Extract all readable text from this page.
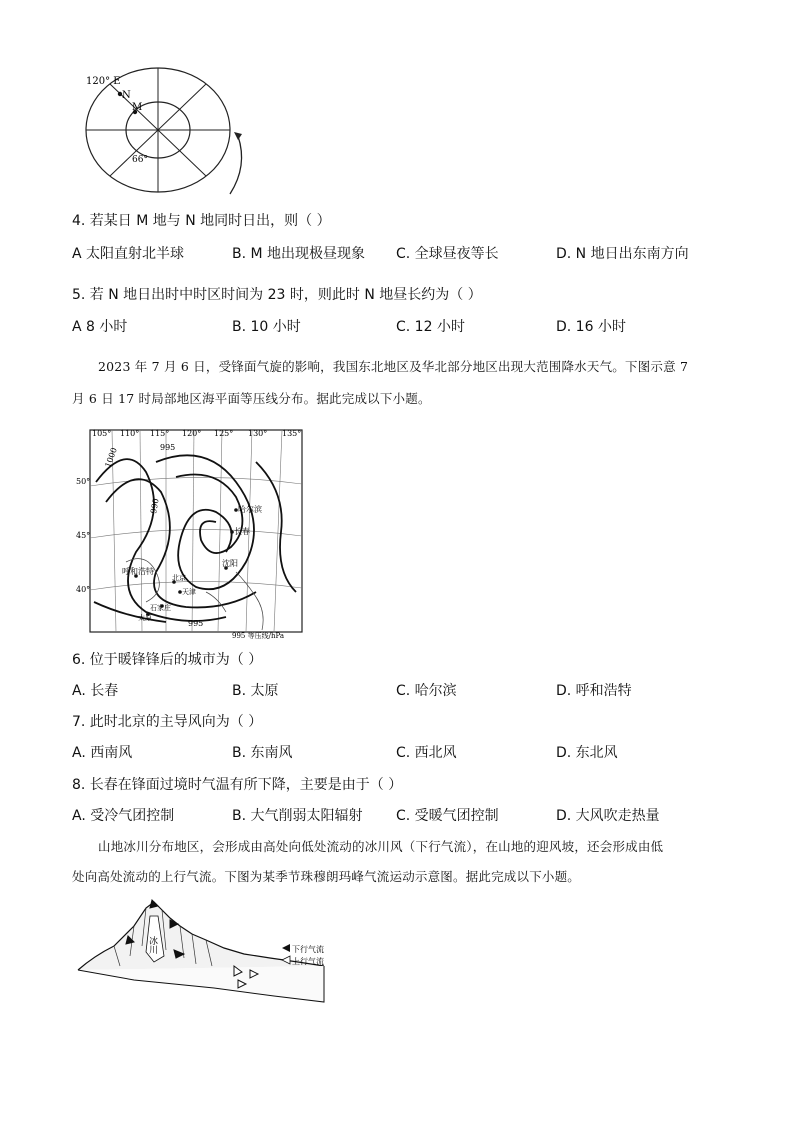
120° E
N
M
66°
4. 若某日 M 地与 N 地同时日出，则（ ）
A 太阳直射北半球	B. M 地出现极昼现象 C. 全球昼夜等长	D. N 地日出东南方向
5. 若 N 地日出时中时区时间为 23 时，则此时 N 地昼长约为（ ）
A 8 小时	B. 10 小时	C. 12 小时	D. 16 小时
2023 年 7 月 6 日，受锋面气旋的影响，我国东北地区及华北部分地区出现大范围降水天气。下图示意 7
月 6 日 17 时局部地区海平面等压线分布。据此完成以下小题。
105° 110° 115° 120° 125° 130° 135°
50°
45°
40°
1000	995
990
995
哈尔滨
长春
沈阳
呼和浩特
北京
天津
石家庄
太原
995 等压线/hPa
6. 位于暖锋锋后的城市为（ ）
A. 长春	B. 太原	C. 哈尔滨	D. 呼和浩特
7. 此时北京的主导风向为（ ）
A. 西南风	B. 东南风	C. 西北风	D. 东北风
8. 长春在锋面过境时气温有所下降，主要是由于（ ）
A. 受冷气团控制	B. 大气削弱太阳辐射 C. 受暖气团控制	D. 大风吹走热量
山地冰川分布地区，会形成由高处向低处流动的冰川风（下行气流），在山地的迎风坡，还会形成由低
处向高处流动的上行气流。下图为某季节珠穆朗玛峰气流运动示意图。据此完成以下小题。
冰川	下行气流
上行气流
